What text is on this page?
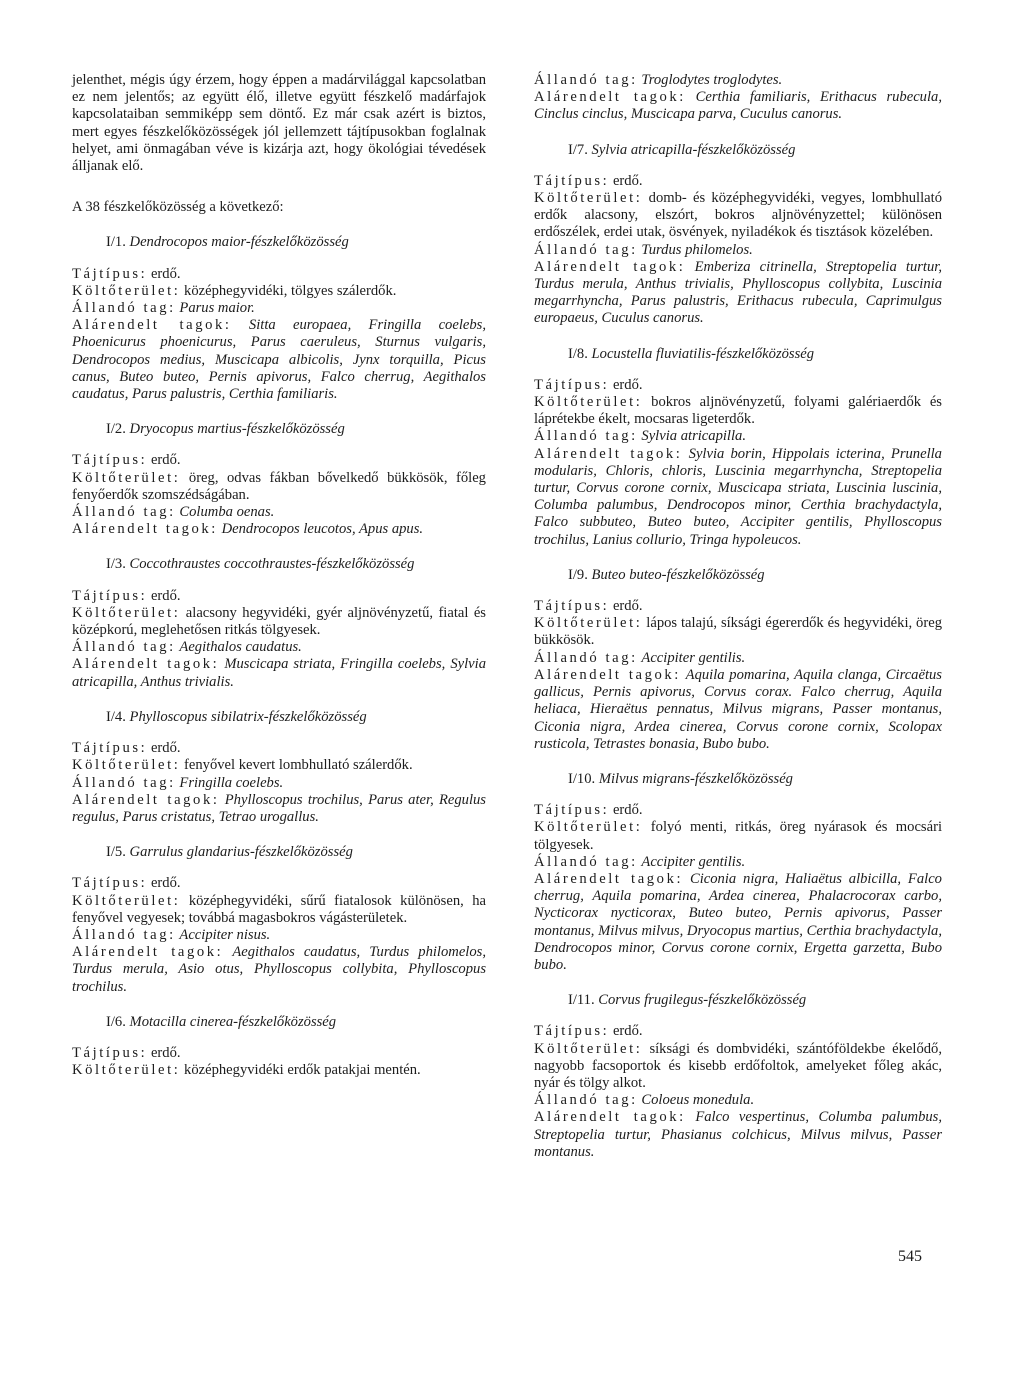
jelenthet, mégis úgy érzem, hogy éppen a madárvilággal kapcsolatban ez nem jelentős; az együtt élő, illetve együtt fészkelő madárfajok kapcsolataiban semmiképp sem döntő. Ez már csak azért is biztos, mert egyes fészkelőközösségek jól jellemzett tájtípusokban foglalnak helyet, ami önmagában véve is kizárja azt, hogy ökológiai tévedések álljanak elő.

A 38 fészkelőközösség a következő:

I/1. Dendrocopos maior-fészkelőközösség

Tájtípus: erdő.

Költőterület: középhegyvidéki, tölgyes szálerdők.

Állandó tag: Parus maior.

Alárendelt tagok: Sitta europaea, Fringilla coelebs, Phoenicurus phoenicurus, Parus caeruleus, Sturnus vulgaris, Dendrocopos medius, Muscicapa albicolis, Jynx torquilla, Picus canus, Buteo buteo, Pernis apivorus, Falco cherrug, Aegithalos caudatus, Parus palustris, Certhia familiaris.

I/2. Dryocopus martius-fészkelőközösség

Tájtípus: erdő.

Költőterület: öreg, odvas fákban bővelkedő bükkösök, főleg fenyőerdők szomszédságában.

Állandó tag: Columba oenas.

Alárendelt tagok: Dendrocopos leucotos, Apus apus.

I/3. Coccothraustes coccothraustes-fészkelőközösség

Tájtípus: erdő.

Költőterület: alacsony hegyvidéki, gyér aljnövényzetű, fiatal és középkorú, meglehetősen ritkás tölgyesek.

Állandó tag: Aegithalos caudatus.

Alárendelt tagok: Muscicapa striata, Fringilla coelebs, Sylvia atricapilla, Anthus trivialis.

I/4. Phylloscopus sibilatrix-fészkelőközösség

Tájtípus: erdő.

Költőterület: fenyővel kevert lombhullató szálerdők.

Állandó tag: Fringilla coelebs.

Alárendelt tagok: Phylloscopus trochilus, Parus ater, Regulus regulus, Parus cristatus, Tetrao urogallus.

I/5. Garrulus glandarius-fészkelőközösség

Tájtípus: erdő.

Költőterület: középhegyvidéki, sűrű fiatalosok különösen, ha fenyővel vegyesek; továbbá magasbokros vágásterületek.

Állandó tag: Accipiter nisus.

Alárendelt tagok: Aegithalos caudatus, Turdus philomelos, Turdus merula, Asio otus, Phylloscopus collybita, Phylloscopus trochilus.

I/6. Motacilla cinerea-fészkelőközösség

Tájtípus: erdő.

Költőterület: középhegyvidéki erdők patakjai mentén.

Állandó tag: Troglodytes troglodytes.

Alárendelt tagok: Certhia familiaris, Erithacus rubecula, Cinclus cinclus, Muscicapa parva, Cuculus canorus.

I/7. Sylvia atricapilla-fészkelőközösség

Tájtípus: erdő.

Költőterület: domb- és középhegyvidéki, vegyes, lombhullató erdők alacsony, elszórt, bokros aljnövényzettel; különösen erdőszélek, erdei utak, ösvények, nyiladékok és tisztások közelében.

Állandó tag: Turdus philomelos.

Alárendelt tagok: Emberiza citrinella, Streptopelia turtur, Turdus merula, Anthus trivialis, Phylloscopus collybita, Luscinia megarrhyncha, Parus palustris, Erithacus rubecula, Caprimulgus europaeus, Cuculus canorus.

I/8. Locustella fluviatilis-fészkelőközösség

Tájtípus: erdő.

Költőterület: bokros aljnövényzetű, folyami galériaerdők és láprétekbe ékelt, mocsaras ligeterdők.

Állandó tag: Sylvia atricapilla.

Alárendelt tagok: Sylvia borin, Hippolais icterina, Prunella modularis, Chloris, chloris, Luscinia megarrhyncha, Streptopelia turtur, Corvus corone cornix, Muscicapa striata, Luscinia luscinia, Columba palumbus, Dendrocopos minor, Certhia brachydactyla, Falco subbuteo, Buteo buteo, Accipiter gentilis, Phylloscopus trochilus, Lanius collurio, Tringa hypoleucos.

I/9. Buteo buteo-fészkelőközösség

Tájtípus: erdő.

Költőterület: lápos talajú, síksági égererdők és hegyvidéki, öreg bükkösök.

Állandó tag: Accipiter gentilis.

Alárendelt tagok: Aquila pomarina, Aquila clanga, Circaëtus gallicus, Pernis apivorus, Corvus corax. Falco cherrug, Aquila heliaca, Hieraëtus pennatus, Milvus migrans, Passer montanus, Ciconia nigra, Ardea cinerea, Corvus corone cornix, Scolopax rusticola, Tetrastes bonasia, Bubo bubo.

I/10. Milvus migrans-fészkelőközösség

Tájtípus: erdő.

Költőterület: folyó menti, ritkás, öreg nyárasok és mocsári tölgyesek.

Állandó tag: Accipiter gentilis.

Alárendelt tagok: Ciconia nigra, Haliaëtus albicilla, Falco cherrug, Aquila pomarina, Ardea cinerea, Phalacrocorax carbo, Nycticorax nycticorax, Buteo buteo, Pernis apivorus, Passer montanus, Milvus milvus, Dryocopus martius, Certhia brachydactyla, Dendrocopos minor, Corvus corone cornix, Ergetta garzetta, Bubo bubo.

I/11. Corvus frugilegus-fészkelőközösség

Tájtípus: erdő.

Költőterület: síksági és dombvidéki, szántóföldekbe ékelődő, nagyobb facsoportok és kisebb erdőfoltok, amelyeket főleg akác, nyár és tölgy alkot.

Állandó tag: Coloeus monedula.

Alárendelt tagok: Falco vespertinus, Columba palumbus, Streptopelia turtur, Phasianus colchicus, Milvus milvus, Passer montanus.

545
